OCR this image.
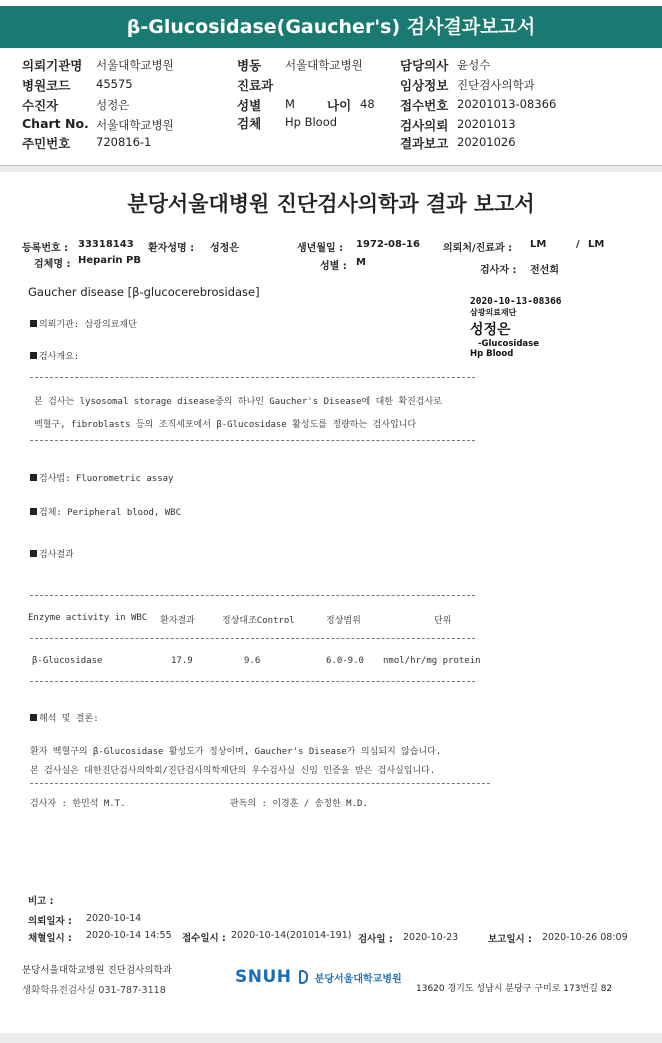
β-Glucosidase(Gaucher's) 검사결과보고서
의뢰기관명 서울대학교병원
병원코드 45575
수진자	성정은
Chart No. 서울대학교병원
주민번호 720816-1
병동 서울대학교병원
진료과
성별 M	나이 48
검체 Hp Blood
담당의사 윤성수
임상정보 진단검사의학과
접수번호 20201013-08366
검사의뢰 20201013
결과보고 20201026
분당서울대병원 진단검사의학과 결과 보고서
등록번호 : 33318143 환자성명 : 성정은	생년월일 : 1972-08-16 의뢰처/진료과 : LM	/ LM
검체명 : Heparin PB
성별 : M
검사자 : 전선희
Gaucher disease [β-glucocerebrosidase]
2020-10-13-08366
삼광의료재단
성정은
-Glucosidase
Hp Blood
의뢰기관: 삼광의료재단
검사개요:
본 검사는 lysosomal storage disease중의 하나인 Gaucher's Disease에 대한 확진검사로
백혈구, fibroblasts 등의 조직세포에서 β-Glucosidase 활성도를 정량하는 검사입니다
검사법: Fluorometric assay
검체: Peripheral blood, WBC
검사결과
Enzyme activity in WBC 환자결과	정상대조Control	정상범위	단위
β-Glucosidase	17.9	9.6	6.0-9.0 nmol/hr/mg protein
해석 및 결론:
환자 백혈구의 β-Glucosidase 활성도가 정상이며, Gaucher's Disease가 의심되지 않습니다.
본 검사실은 대한진단검사의학회/진단검사의학재단의 우수검사실 신임 인증을 받은 검사실입니다.
검사자 : 한민석 M.T.	판독의 : 이경훈 / 송정한 M.D.
비고 :
의뢰일자 : 2020-10-14
채혈일시 : 2020-10-14 14:55 접수일시 : 2020-10-14(201014-191) 검사일 : 2020-10-23	보고일시 : 2020-10-26 08:09
분당서울대학교병원 진단검사의학과
생화학유전검사실 031-787-3118
SNUH 분당서울대학교병원
13620 경기도 성남시 분당구 구미로 173번길 82
